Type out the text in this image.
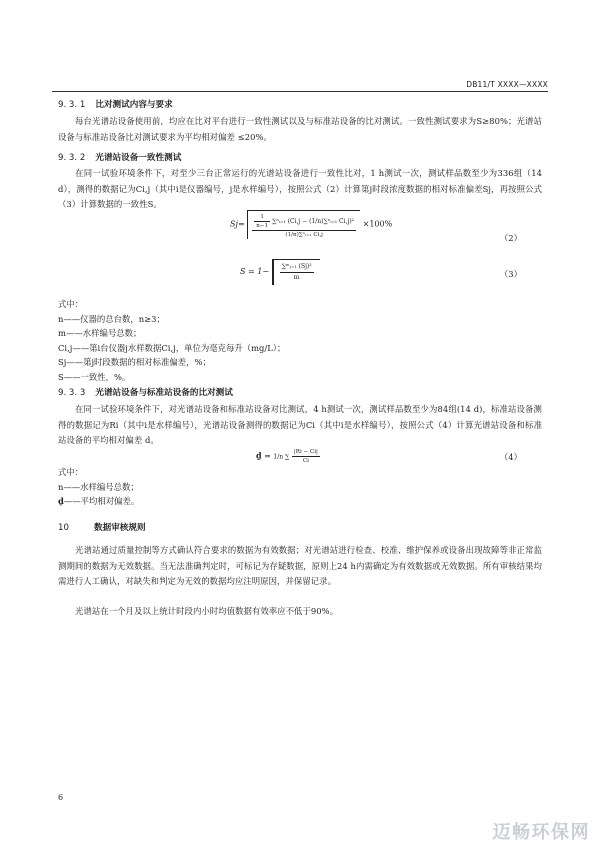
DB11/T XXXX—XXXX
9. 3. 1 比对测试内容与要求
每台光谱站设备使用前，均应在比对平台进行一致性测试以及与标准站设备的比对测试。一致性测试要求为S≥80%；光谱站设备与标准站设备比对测试要求为平均相对偏差 ≤20%。
9. 3. 2 光谱站设备一致性测试
在同一试验环境条件下，对至少三台正常运行的光谱站设备进行一致性比对，1 h测试一次，测试样品数至少为336组（14 d），测得的数据记为Ci,j（其中i是仪器编号，j是水样编号），按照公式（2）计算第j时段浓度数据的相对标准偏差Sj，再按照公式（3）计算数据的一致性S。
$Sj= \frac{\frac{1}{n-1} \sum^nᵢ_{=1} (Ci,j - (1/n)\sum^nᵢ_{=1} Ci,j)^2}{\text{(1/n)∑ⁿᵢ₌₁ Ci,j}} \times 100\%$
（2）
$S = 1- \frac{\text{∑ᵐⱼ₌₁ (Sj)²}}{m}$	（3）
式中：
n——仪器的总台数，n≥3；
m——水样编号总数；
Ci,j——第i台仪器j水样数据Ci,j，单位为毫克每升（mg/L）；
Sj——第j时段数据的相对标准偏差，%；
S——一致性，%。
9. 3. 3 光谱站设备与标准站设备的比对测试
在同一试验环境条件下，对光谱站设备和标准站设备对比测试，4 h测试一次，测试样品数至少为84组(14 d)，标准站设备测得的数据记为Ri（其中i是水样编号），光谱站设备测得的数据记为Ci（其中i是水样编号），按照公式（4）计算光谱站设备和标准站设备的平均相对偏差 d。
ḏ = 1/n ∑ $\frac{|Ri - Ci|}{Ci}$	（4）
式中：
n——水样编号总数；
ḏ——平均相对偏差。
10	数据审核规则
光谱站通过质量控制等方式确认符合要求的数据为有效数据；对光谱站进行检查、校准、维护保养或设备出现故障等非正常监测期间的数据为无效数据。当无法准确判定时，可标记为存疑数据，原则上24 h内需确定为有效数据或无效数据。所有审核结果均需进行人工确认，对缺失和判定为无效的数据均应注明原因，并保留记录。
光谱站在一个月及以上统计时段内小时均值数据有效率应不低于90%。
6
迈畅环保网
